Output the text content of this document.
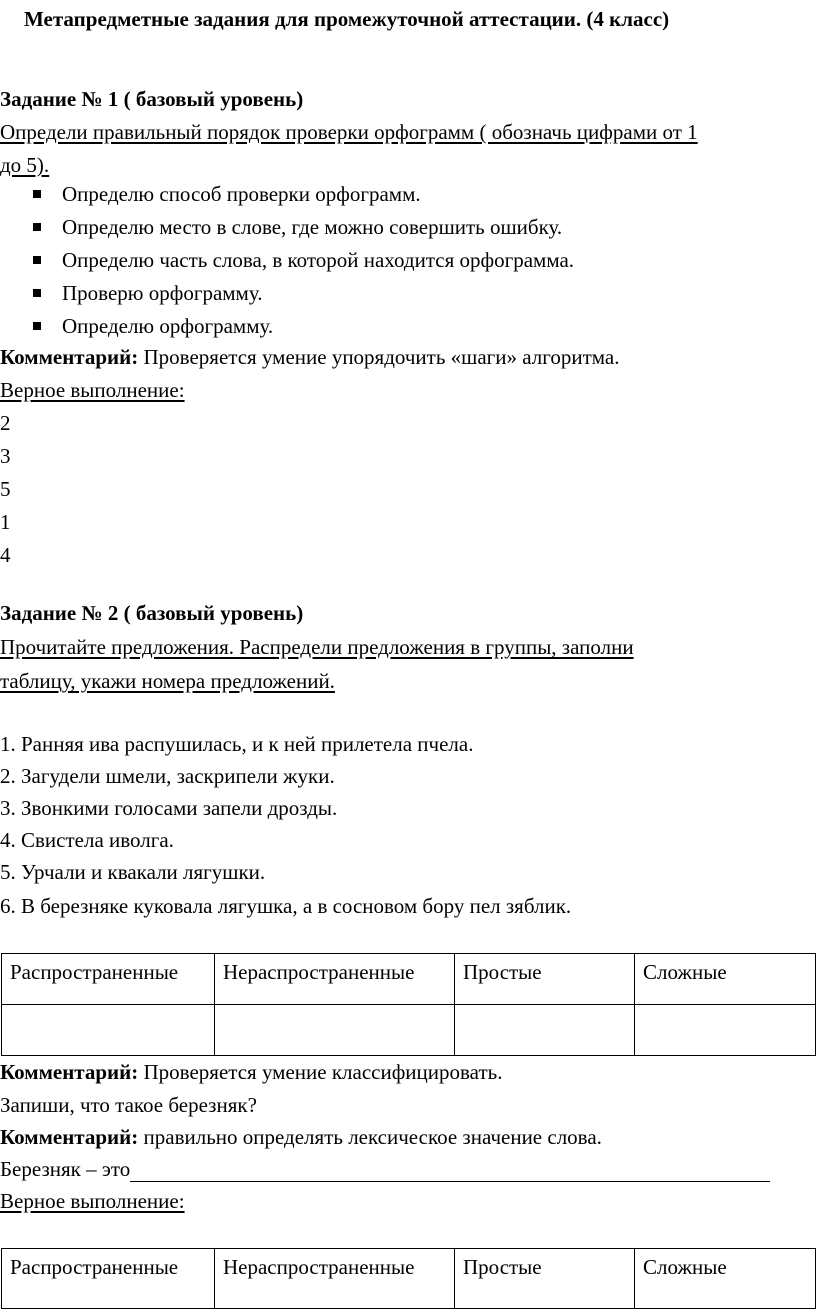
Метапредметные задания для промежуточной аттестации. (4 класс)
Задание № 1 ( базовый уровень)
Определи правильный порядок проверки орфограмм ( обозначь цифрами от 1
до 5).
Определю способ проверки орфограмм.
Определю место в слове, где можно совершить ошибку.
Определю часть слова, в которой находится орфограмма.
Проверю орфограмму.
Определю орфограмму.
Комментарий: Проверяется умение упорядочить «шаги» алгоритма.
Верное выполнение:
2
3
5
1
4
Задание № 2 ( базовый уровень)
Прочитайте предложения. Распредели предложения в группы, заполни
таблицу, укажи номера предложений.
1. Ранняя ива распушилась, и к ней прилетела пчела.
2. Загудели шмели, заскрипели жуки.
3. Звонкими голосами запели дрозды.
4. Свистела иволга.
5. Урчали и квакали лягушки.
6. В березняке куковала лягушка, а в сосновом бору пел зяблик.
Распространенные	Нераспространенные	Простые	Сложные

Комментарий: Проверяется умение классифицировать.
Запиши, что такое березняк?
Комментарий: правильно определять лексическое значение слова.
Березняк – это
Верное выполнение:
Распространенные	Нераспространенные	Простые	Сложные
